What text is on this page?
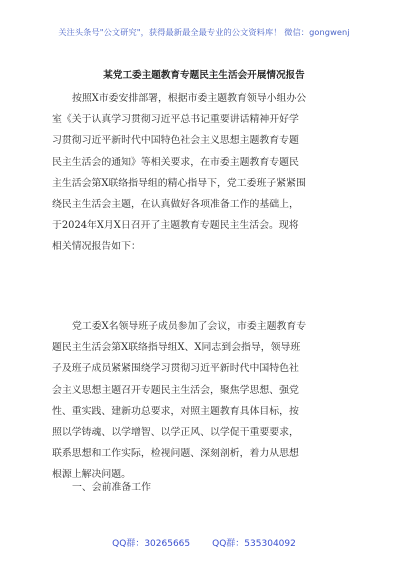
关注头条号"公文研究"，获得最新最全最专业的公文资料库！ 微信：gongwenj
某党工委主题教育专题民主生活会开展情况报告
按照X市委安排部署，根据市委主题教育领导小组办公
室《关于认真学习贯彻习近平总书记重要讲话精神开好学
习贯彻习近平新时代中国特色社会主义思想主题教育专题
民主生活会的通知》等相关要求，在市委主题教育专题民
主生活会第X联络指导组的精心指导下，党工委班子紧紧围
绕民主生活会主题，在认真做好各项准备工作的基础上，
于2024年X月X日召开了主题教育专题民主生活会。现将
相关情况报告如下：
党工委X名领导班子成员参加了会议，市委主题教育专
题民主生活会第X联络指导组X、X同志到会指导，领导班
子及班子成员紧紧围绕学习贯彻习近平新时代中国特色社
会主义思想主题召开专题民主生活会，聚焦学思想、强党
性、重实践、建新功总要求，对照主题教育具体目标，按
照以学铸魂、以学增智、以学正风、以学促干重要要求，
联系思想和工作实际，检视问题、深刻剖析，着力从思想
根源上解决问题。
一、会前准备工作
QQ群：30265665 QQ群：535304092
